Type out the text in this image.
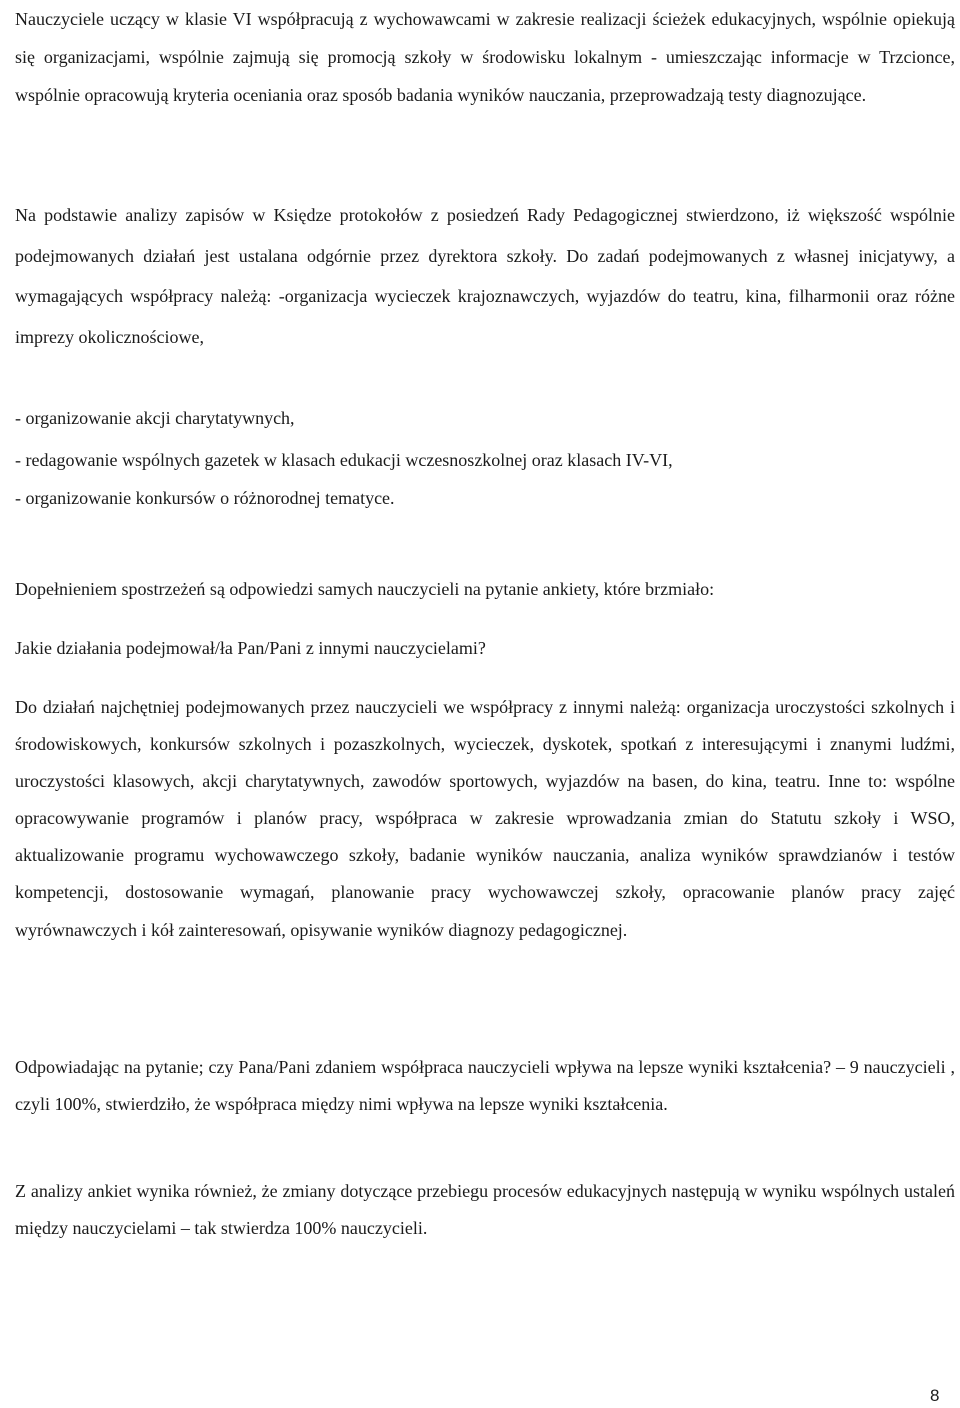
Nauczyciele uczący w klasie VI współpracują z wychowawcami w zakresie realizacji ścieżek edukacyjnych, wspólnie opiekują się organizacjami, wspólnie zajmują się promocją szkoły w środowisku lokalnym - umieszczając informacje w Trzcionce, wspólnie opracowują kryteria oceniania oraz sposób badania wyników nauczania, przeprowadzają testy diagnozujące.

Na podstawie analizy zapisów w Księdze protokołów z posiedzeń Rady Pedagogicznej stwierdzono, iż większość wspólnie podejmowanych działań jest ustalana odgórnie przez dyrektora szkoły. Do zadań podejmowanych z własnej inicjatywy, a wymagających współpracy należą: -organizacja wycieczek krajoznawczych, wyjazdów do teatru, kina, filharmonii oraz różne imprezy okolicznościowe,

- organizowanie akcji charytatywnych,
- redagowanie wspólnych gazetek w klasach edukacji wczesnoszkolnej oraz klasach IV-VI,
- organizowanie konkursów o różnorodnej tematyce.
Dopełnieniem spostrzeżeń są odpowiedzi samych nauczycieli na pytanie ankiety, które brzmiało:
Jakie działania podejmował/ła Pan/Pani z innymi nauczycielami?

Do działań najchętniej podejmowanych przez nauczycieli we współpracy z innymi należą: organizacja uroczystości szkolnych i środowiskowych, konkursów szkolnych i pozaszkolnych, wycieczek, dyskotek, spotkań z interesującymi i znanymi ludźmi, uroczystości klasowych, akcji charytatywnych, zawodów sportowych, wyjazdów na basen, do kina, teatru. Inne to: wspólne opracowywanie programów i planów pracy, współpraca w zakresie wprowadzania zmian do Statutu szkoły i WSO, aktualizowanie programu wychowawczego szkoły, badanie wyników nauczania, analiza wyników sprawdzianów i testów kompetencji, dostosowanie wymagań, planowanie pracy wychowawczej szkoły, opracowanie planów pracy zajęć wyrównawczych i kół zainteresowań, opisywanie wyników diagnozy pedagogicznej.

Odpowiadając na pytanie; czy Pana/Pani zdaniem współpraca nauczycieli wpływa na lepsze wyniki kształcenia? – 9 nauczycieli , czyli 100%, stwierdziło, że współpraca między nimi wpływa na lepsze wyniki kształcenia.

Z analizy ankiet wynika również, że zmiany dotyczące przebiegu procesów edukacyjnych następują w wyniku wspólnych ustaleń między nauczycielami – tak stwierdza 100% nauczycieli.

8
